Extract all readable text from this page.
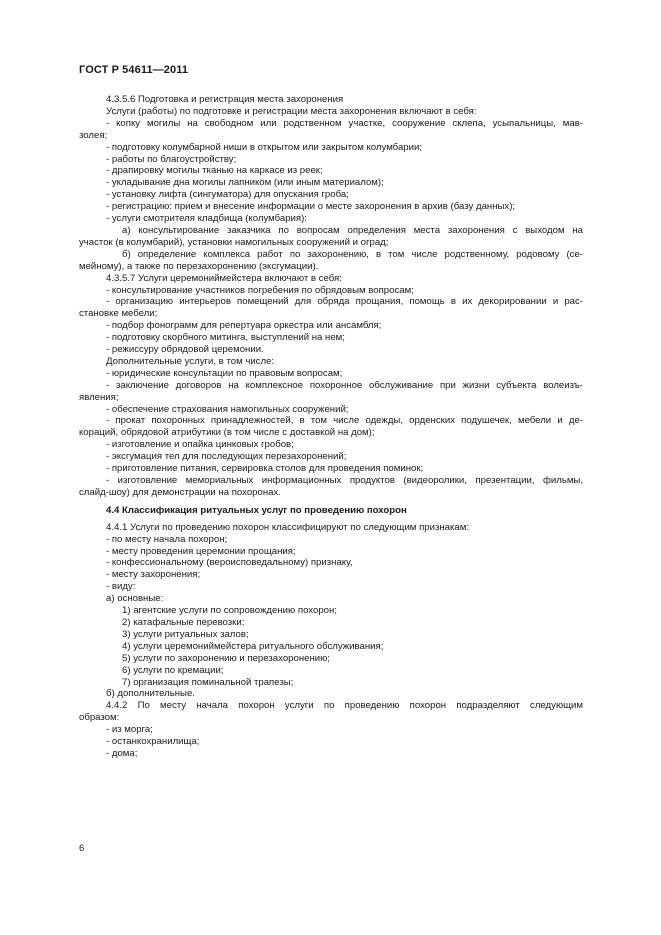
ГОСТ Р 54611—2011

4.3.5.6 Подготовка и регистрация места захоронения

Услуги (работы) по подготовке и регистрации места захоронения включают в себя:

- копку могилы на свободном или родственном участке, сооружение склепа, усыпальницы, мав-

золея;

- подготовку колумбарной ниши в открытом или закрытом колумбарии;

- работы по благоустройству;

- драпировку могилы тканью на каркасе из реек;

- укладывание дна могилы лапником (или иным материалом);

- установку лифта (сингуматора) для опускания гроба;

- регистрацию: прием и внесение информации о месте захоронения в архив (базу данных);

- услуги смотрителя кладбища (колумбария):

а) консультирование заказчика по вопросам определения места захоронения с выходом на

участок (в колумбарий), установки намогильных сооружений и оград;

б) определение комплекса работ по захоронению, в том числе родственному, родовому (се-

мейному), а также по перезахоронению (эксгумации).

4.3.5.7 Услуги церемониймейстера включают в себя:

- консультирование участников погребения по обрядовым вопросам;

- организацию интерьеров помещений для обряда прощания, помощь в их декорировании и рас-

становке мебели;

- подбор фонограмм для репертуара оркестра или ансамбля;

- подготовку скорбного митинга, выступлений на нем;

- режиссуру обрядовой церемонии.

Дополнительные услуги, в том числе:

- юридические консультации по правовым вопросам;

- заключение договоров на комплексное похоронное обслуживание при жизни субъекта волеизъ-

явления;

- обеспечение страхования намогильных сооружений;

- прокат похоронных принадлежностей, в том числе одежды, орденских подушечек, мебели и де-

кораций, обрядовой атрибутики (в том числе с доставкой на дом);

- изготовление и опайка цинковых гробов;

- эксгумация тел для последующих перезахоронений;

- приготовление питания, сервировка столов для проведения поминок;

- изготовление мемориальных информационных продуктов (видеоролики, презентации, фильмы,

слайд-шоу) для демонстрации на похоронах.

4.4 Классификация ритуальных услуг по проведению похорон

4.4.1 Услуги по проведению похорон классифицируют по следующим признакам:

- по месту начала похорон;

- месту проведения церемонии прощания;

- конфессиональному (вероисповедальному) признаку,

- месту захоронения;

- виду:

а) основные:

1) агентские услуги по сопровождению похорон;

2) катафальные перевозки;

3) услуги ритуальных залов;

4) услуги церемониймейстера ритуального обслуживания;

5) услуги по захоронению и перезахоронению;

6) услуги по кремации;

7) организация поминальной трапезы;

б) дополнительные.

4.4.2 По месту начала похорон услуги по проведению похорон подразделяют следующим

образом:

- из морга;

- останкохранилища;

- дома;

6
